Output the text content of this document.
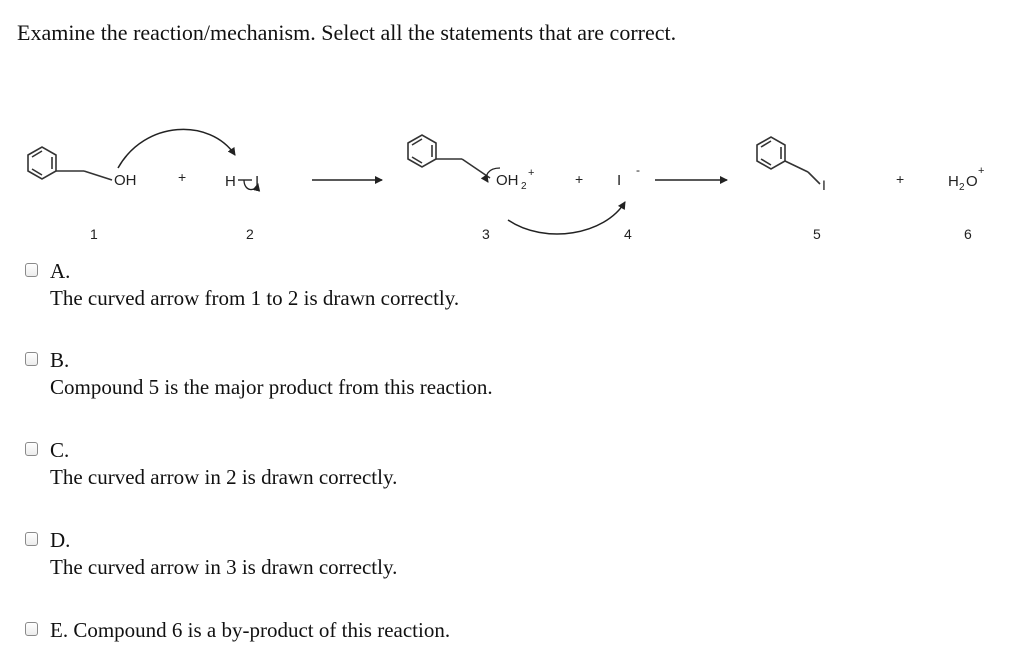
Examine the reaction/mechanism. Select all the statements that are correct.
OH	+	H I	OH 2
+	+ I
-
I	+	H 2 O
+
1	2	3	4	5	6
A.
The curved arrow from 1 to 2 is drawn correctly.
B.
Compound 5 is the major product from this reaction.
C.
The curved arrow in 2 is drawn correctly.
D.
The curved arrow in 3 is drawn correctly.
E. Compound 6 is a by-product of this reaction.
